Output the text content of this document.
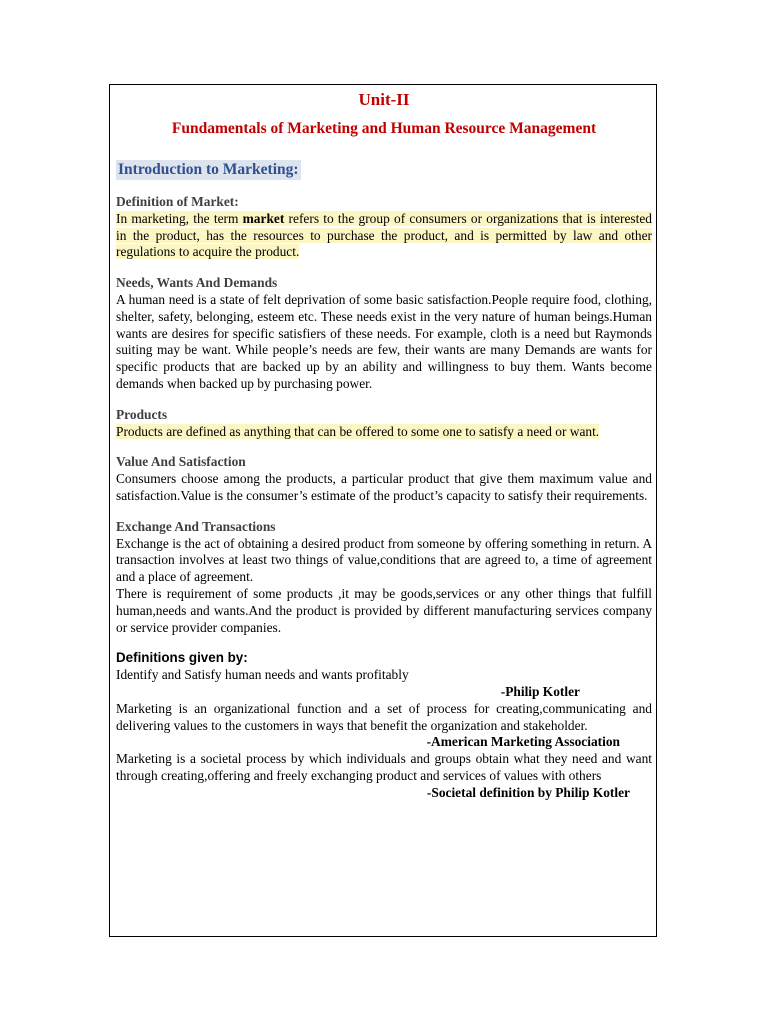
Unit-II

Fundamentals of Marketing and Human Resource Management

Introduction to Marketing:
Definition of Market:
In marketing, the term market refers to the group of consumers or organizations that is interested in the product, has the resources to purchase the product, and is permitted by law and other regulations to acquire the product.
Needs, Wants And Demands
A human need is a state of felt deprivation of some basic satisfaction.People require food, clothing, shelter, safety, belonging, esteem etc. These needs exist in the very nature of human beings.Human wants are desires for specific satisfiers of these needs. For example, cloth is a need but Raymonds suiting may be want. While people’s needs are few, their wants are many Demands are wants for specific products that are backed up by an ability and willingness to buy them. Wants become demands when backed up by purchasing power.
Products
Products are defined as anything that can be offered to some one to satisfy a need or want.
Value And Satisfaction
Consumers choose among the products, a particular product that give them maximum value and satisfaction.Value is the consumer’s estimate of the product’s capacity to satisfy their requirements.
Exchange And Transactions
Exchange is the act of obtaining a desired product from someone by offering something in return. A transaction involves at least two things of value,conditions that are agreed to, a time of agreement and a place of agreement.
There is requirement of some products ,it may be goods,services or any other things that fulfill human,needs and wants.And the product is provided by different manufacturing services company or service provider companies.
Definitions given by:
Identify and Satisfy human needs and wants profitably
-Philip Kotler
Marketing is an organizational function and a set of process for creating,communicating and delivering values to the customers in ways that benefit the organization and stakeholder.
-American Marketing Association
Marketing is a societal process by which individuals and groups obtain what they need and want through creating,offering and freely exchanging product and services of values with others
-Societal definition by Philip Kotler
